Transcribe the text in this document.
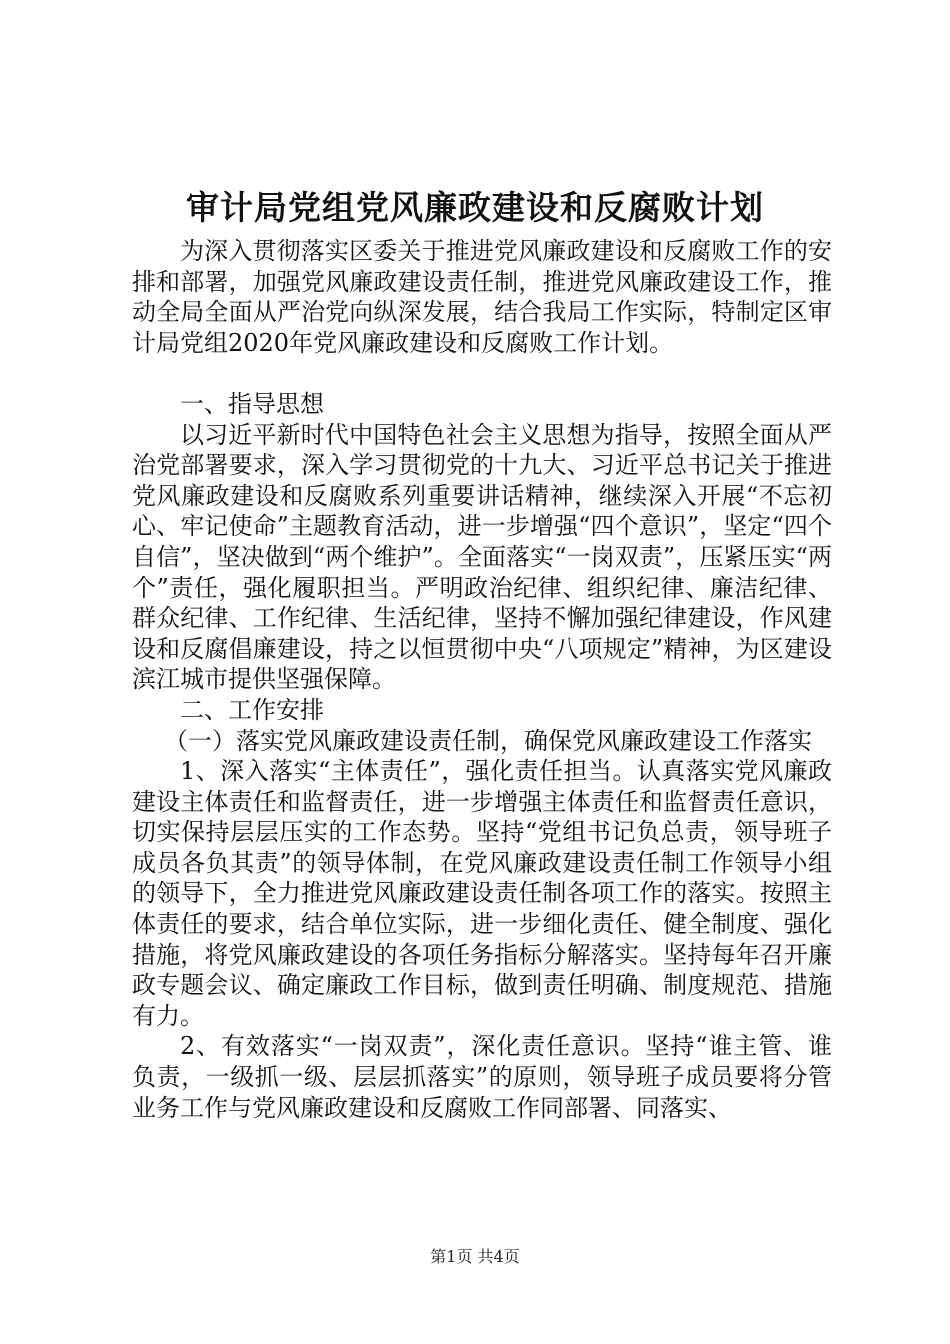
审计局党组党风廉政建设和反腐败计划

为深入贯彻落实区委关于推进党风廉政建设和反腐败工作的安排和部署，加强党风廉政建设责任制，推进党风廉政建设工作，推动全局全面从严治党向纵深发展，结合我局工作实际，特制定区审计局党组2020年党风廉政建设和反腐败工作计划。

一、指导思想

以习近平新时代中国特色社会主义思想为指导，按照全面从严治党部署要求，深入学习贯彻党的十九大、习近平总书记关于推进党风廉政建设和反腐败系列重要讲话精神，继续深入开展“不忘初心、牢记使命”主题教育活动，进一步增强“四个意识”，坚定“四个自信”，坚决做到“两个维护”。全面落实“一岗双责”，压紧压实“两个”责任，强化履职担当。严明政治纪律、组织纪律、廉洁纪律、群众纪律、工作纪律、生活纪律，坚持不懈加强纪律建设，作风建设和反腐倡廉建设，持之以恒贯彻中央“八项规定”精神，为区建设滨江城市提供坚强保障。

二、工作安排

（一）落实党风廉政建设责任制，确保党风廉政建设工作落实

1、深入落实“主体责任”，强化责任担当。认真落实党风廉政建设主体责任和监督责任，进一步增强主体责任和监督责任意识，切实保持层层压实的工作态势。坚持“党组书记负总责，领导班子成员各负其责”的领导体制，在党风廉政建设责任制工作领导小组的领导下，全力推进党风廉政建设责任制各项工作的落实。按照主体责任的要求，结合单位实际，进一步细化责任、健全制度、强化措施，将党风廉政建设的各项任务指标分解落实。坚持每年召开廉政专题会议、确定廉政工作目标，做到责任明确、制度规范、措施有力。

2、有效落实“一岗双责”，深化责任意识。坚持“谁主管、谁负责，一级抓一级、层层抓落实”的原则，领导班子成员要将分管业务工作与党风廉政建设和反腐败工作同部署、同落实、

第1页 共4页
